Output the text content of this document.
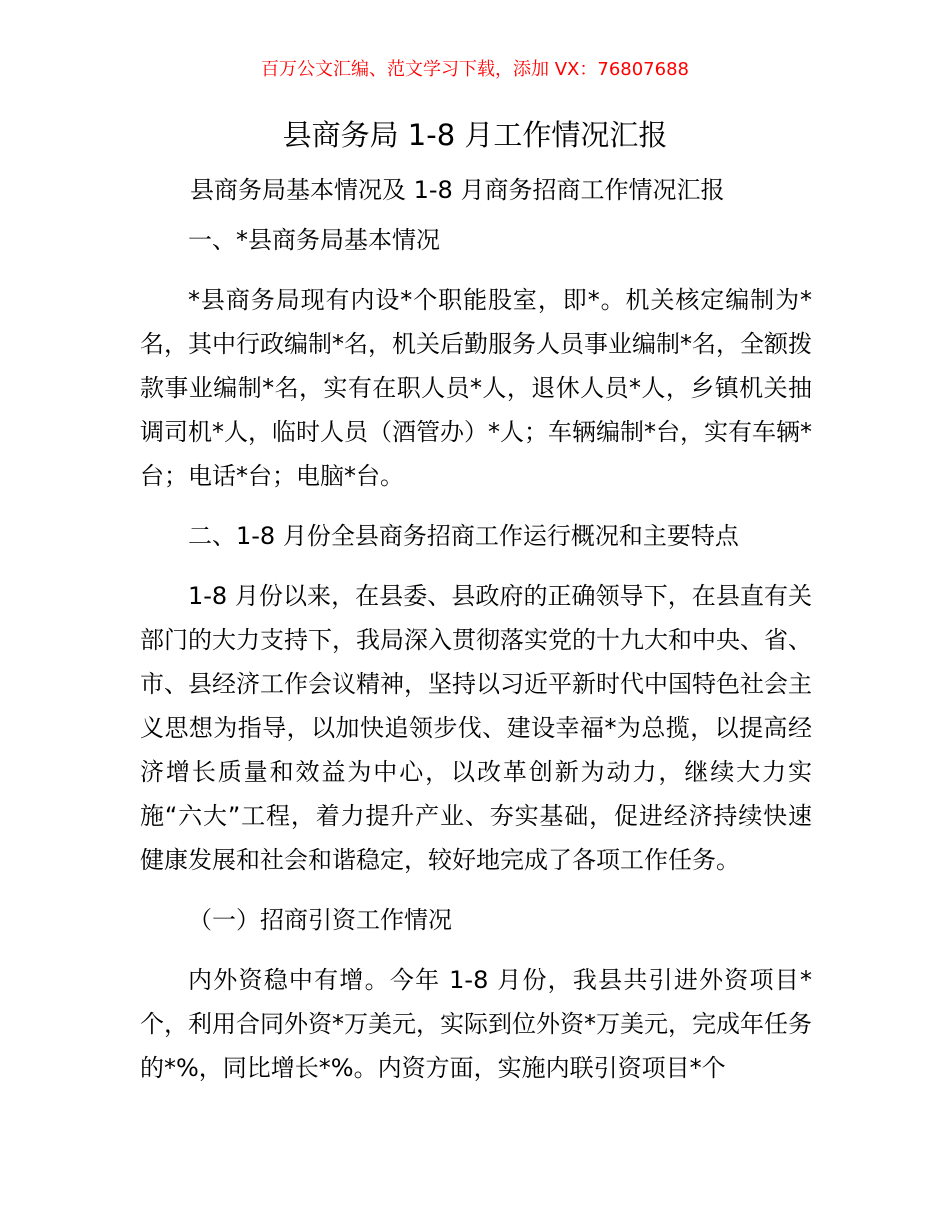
百万公文汇编、范文学习下载，添加 VX：76807688
县商务局 1-8 月工作情况汇报
县商务局基本情况及 1-8 月商务招商工作情况汇报

一、*县商务局基本情况

*县商务局现有内设*个职能股室，即*。机关核定编制为*名，其中行政编制*名，机关后勤服务人员事业编制*名，全额拨款事业编制*名，实有在职人员*人，退休人员*人，乡镇机关抽调司机*人，临时人员（酒管办）*人；车辆编制*台，实有车辆*台；电话*台；电脑*台。

二、1-8 月份全县商务招商工作运行概况和主要特点

1-8 月份以来，在县委、县政府的正确领导下，在县直有关部门的大力支持下，我局深入贯彻落实党的十九大和中央、省、市、县经济工作会议精神，坚持以习近平新时代中国特色社会主义思想为指导，以加快追领步伐、建设幸福*为总揽，以提高经济增长质量和效益为中心，以改革创新为动力，继续大力实施“六大”工程，着力提升产业、夯实基础，促进经济持续快速健康发展和社会和谐稳定，较好地完成了各项工作任务。

（一）招商引资工作情况

内外资稳中有增。今年 1-8 月份，我县共引进外资项目*个，利用合同外资*万美元，实际到位外资*万美元，完成年任务的*%，同比增长*%。内资方面，实施内联引资项目*个
